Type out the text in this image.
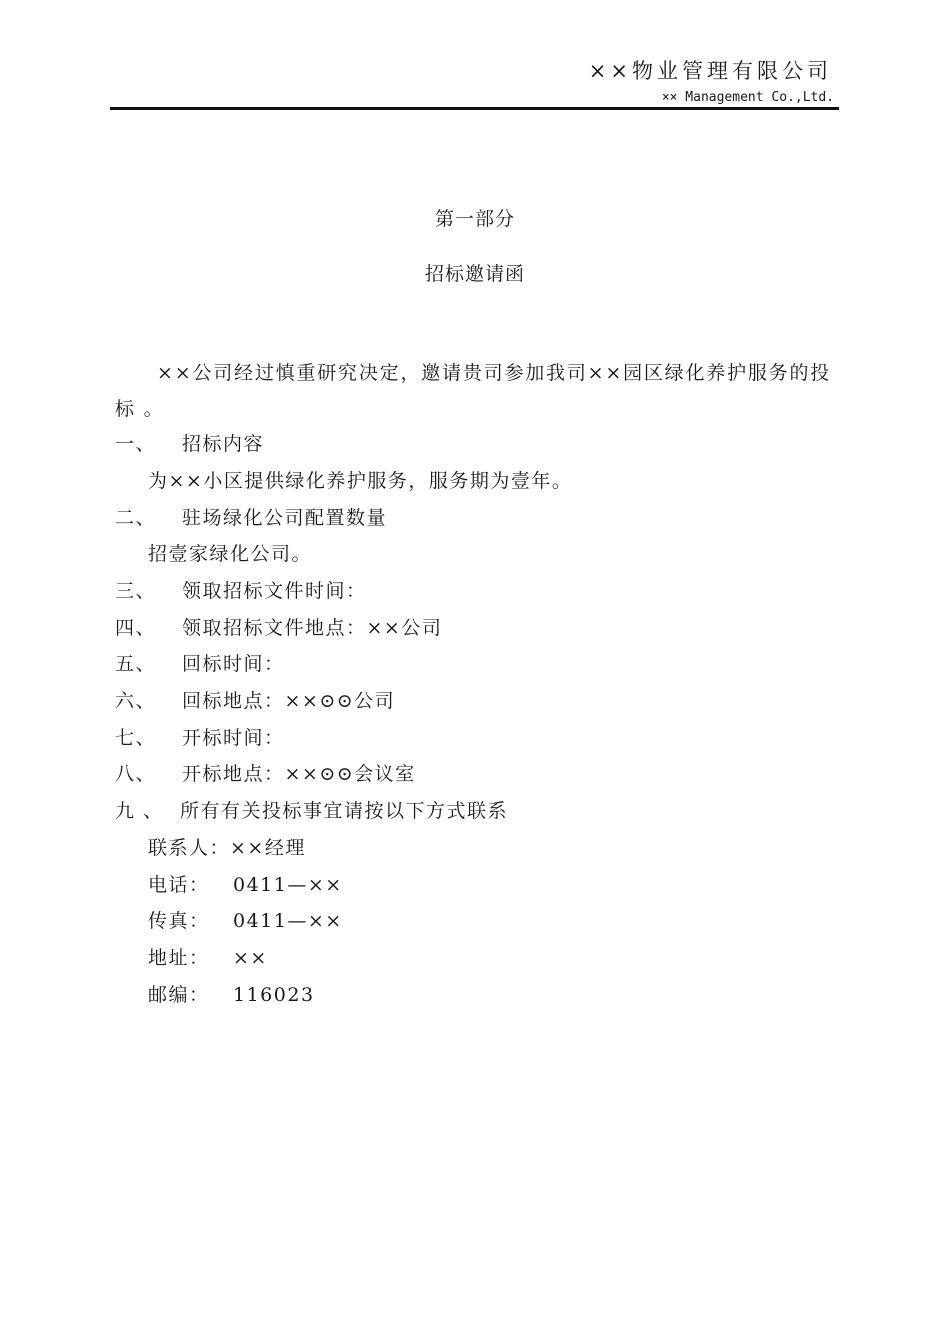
××物业管理有限公司
×× Management Co.,Ltd.
第一部分
招标邀请函
××公司经过慎重研究决定，邀请贵司参加我司××园区绿化养护服务的投标 。
一、 招标内容
为××小区提供绿化养护服务，服务期为壹年。
二、 驻场绿化公司配置数量
招壹家绿化公司。
三、 领取招标文件时间：
四、 领取招标文件地点：××公司
五、 回标时间：
六、 回标地点：××⊙⊙公司
七、 开标时间：
八、 开标地点：××⊙⊙会议室
九 、 所有有关投标事宜请按以下方式联系
联系人：××经理
电话： 0411—××
传真： 0411—××
地址： ××
邮编： 116023
